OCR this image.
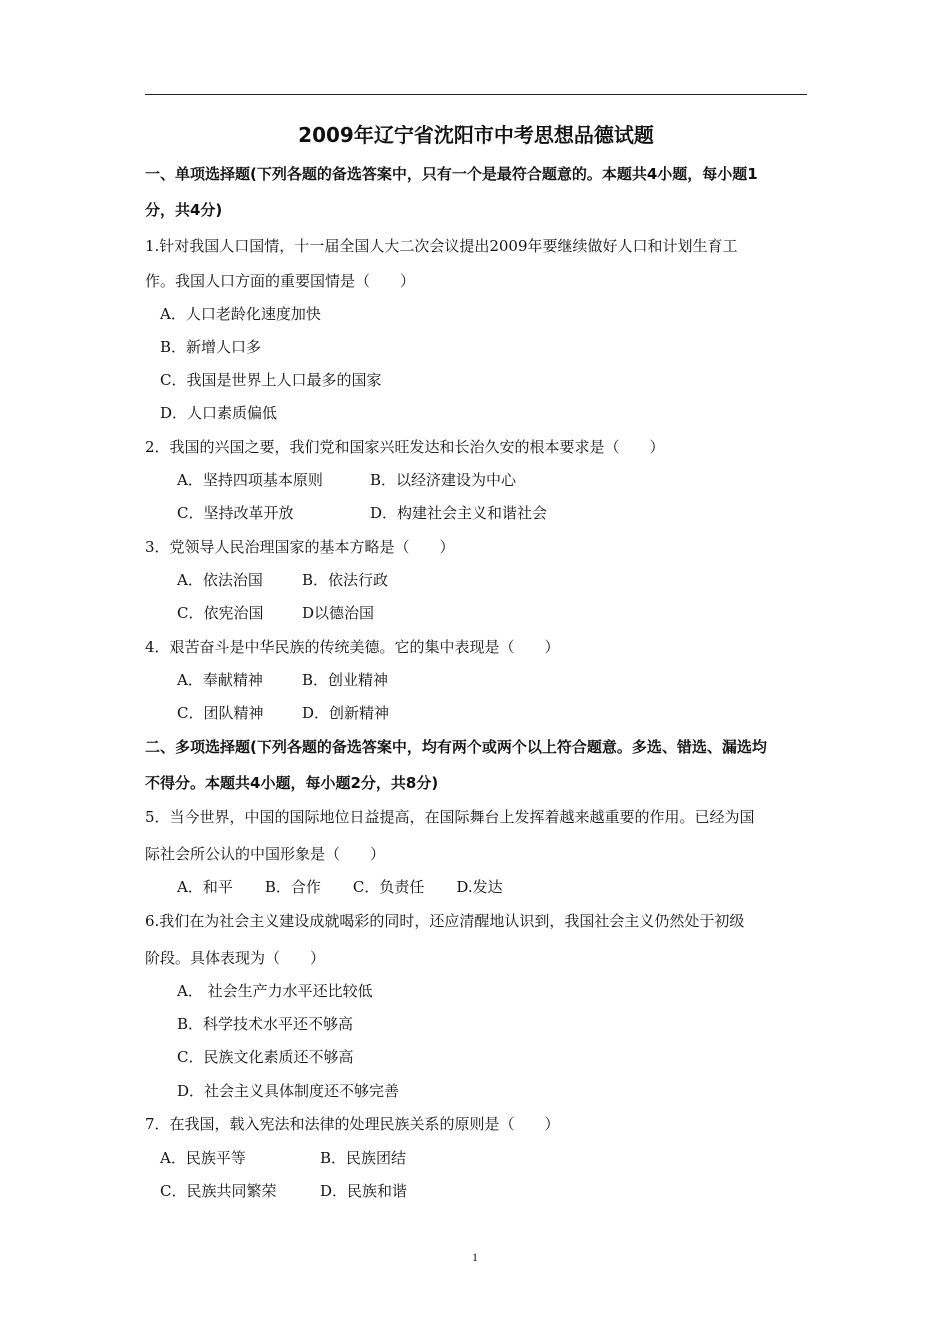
2009年辽宁省沈阳市中考思想品德试题
一、单项选择题(下列各题的备选答案中，只有一个是最符合题意的。本题共4小题，每小题1
分，共4分)
1.针对我国人口国情，十一届全国人大二次会议提出2009年要继续做好人口和计划生育工
作。我国人口方面的重要国情是（　　）
A．人口老龄化速度加快
B．新增人口多
C．我国是世界上人口最多的国家
D．人口素质偏低
2．我国的兴国之要，我们党和国家兴旺发达和长治久安的根本要求是（　　）
A．坚持四项基本原则	B．以经济建设为中心
C．坚持改革开放	D．构建社会主义和谐社会
3．党领导人民治理国家的基本方略是（　　）
A．依法治国	B．依法行政
C．依宪治国	D以德治国
4．艰苦奋斗是中华民族的传统美德。它的集中表现是（　　）
A．奉献精神	B．创业精神
C．团队精神	D．创新精神
二、多项选择题(下列各题的备选答案中，均有两个或两个以上符合题意。多选、错选、漏选均
不得分。本题共4小题，每小题2分，共8分)
5．当今世界，中国的国际地位日益提高，在国际舞台上发挥着越来越重要的作用。已经为国
际社会所公认的中国形象是（　　）
A．和平 B．合作 C．负责任 D.发达
6.我们在为社会主义建设成就喝彩的同时，还应清醒地认识到，我国社会主义仍然处于初级
阶段。具体表现为（　　）
A． 社会生产力水平还比较低
B．科学技术水平还不够高
C．民族文化素质还不够高
D．社会主义具体制度还不够完善
7．在我国，载入宪法和法律的处理民族关系的原则是（　　）
A．民族平等	B．民族团结
C．民族共同繁荣	D．民族和谐
1
